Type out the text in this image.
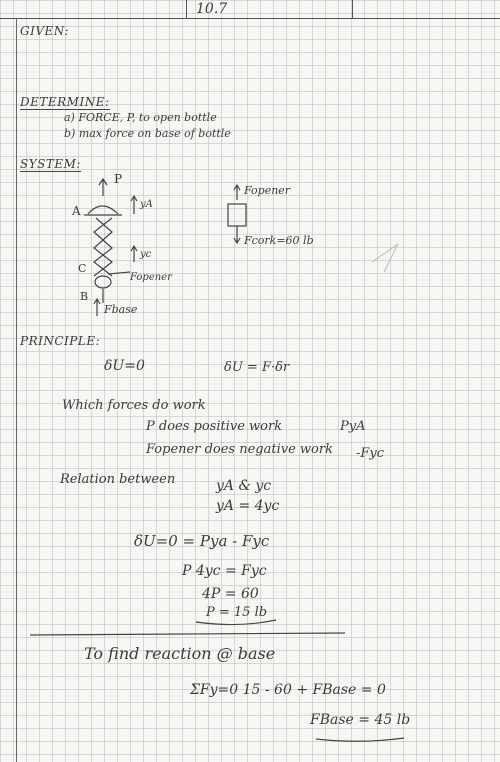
10.7
GIVEN:
DETERMINE:
a) FORCE, P, to open bottle
b) max force on base of bottle
SYSTEM:
P
A	yA
yc
C
Fopener
B
Fbase
Fopener
Fcork=60 lb
PRINCIPLE:
δU=0	δU = F·δr
Which forces do work
P does positive work	PyA
Fopener does negative work -Fyc
Relation between	yA & yc
yA = 4yc
δU=0 = Pya - Fyc
P 4yc = Fyc
4P = 60
P = 15 lb
To find reaction @ base
ΣFy=0 15 - 60 + FBase = 0
FBase = 45 lb
